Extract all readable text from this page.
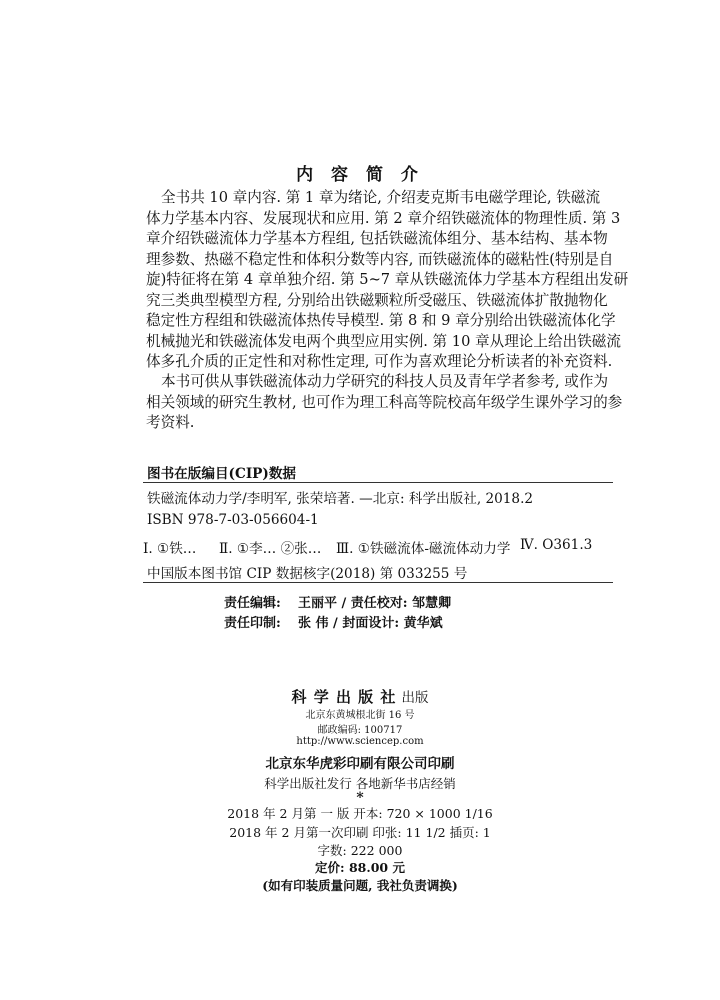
内 容 简 介
全书共 10 章内容. 第 1 章为绪论, 介绍麦克斯韦电磁学理论, 铁磁流
体力学基本内容、发展现状和应用. 第 2 章介绍铁磁流体的物理性质. 第 3
章介绍铁磁流体力学基本方程组, 包括铁磁流体组分、基本结构、基本物
理参数、热磁不稳定性和体积分数等内容, 而铁磁流体的磁粘性(特别是自
旋)特征将在第 4 章单独介绍. 第 5~7 章从铁磁流体力学基本方程组出发研
究三类典型模型方程, 分别给出铁磁颗粒所受磁压、铁磁流体扩散抛物化
稳定性方程组和铁磁流体热传导模型. 第 8 和 9 章分别给出铁磁流体化学
机械抛光和铁磁流体发电两个典型应用实例. 第 10 章从理论上给出铁磁流
体多孔介质的正定性和对称性定理, 可作为喜欢理论分析读者的补充资料.
本书可供从事铁磁流体动力学研究的科技人员及青年学者参考, 或作为
相关领域的研究生教材, 也可作为理工科高等院校高年级学生课外学习的参
考资料.
图书在版编目(CIP)数据
铁磁流体动力学/李明军, 张荣培著. —北京: 科学出版社, 2018.2
ISBN 978-7-03-056604-1
Ⅰ. ①铁… Ⅱ. ①李… ②张… Ⅲ. ①铁磁流体-磁流体动力学 Ⅳ. O361.3
中国版本图书馆 CIP 数据核字(2018) 第 033255 号
责任编辑: 王丽平 / 责任校对: 邹慧卿
责任印制: 张 伟 / 封面设计: 黄华斌
科 学 出 版 社 出版
北京东黄城根北街 16 号
邮政编码: 100717
http://www.sciencep.com
北京东华虎彩印刷有限公司印刷
科学出版社发行 各地新华书店经销
*
2018 年 2 月第 一 版 开本: 720 × 1000 1/16
2018 年 2 月第一次印刷 印张: 11 1/2 插页: 1
字数: 222 000
定价: 88.00 元
(如有印装质量问题, 我社负责调换)
